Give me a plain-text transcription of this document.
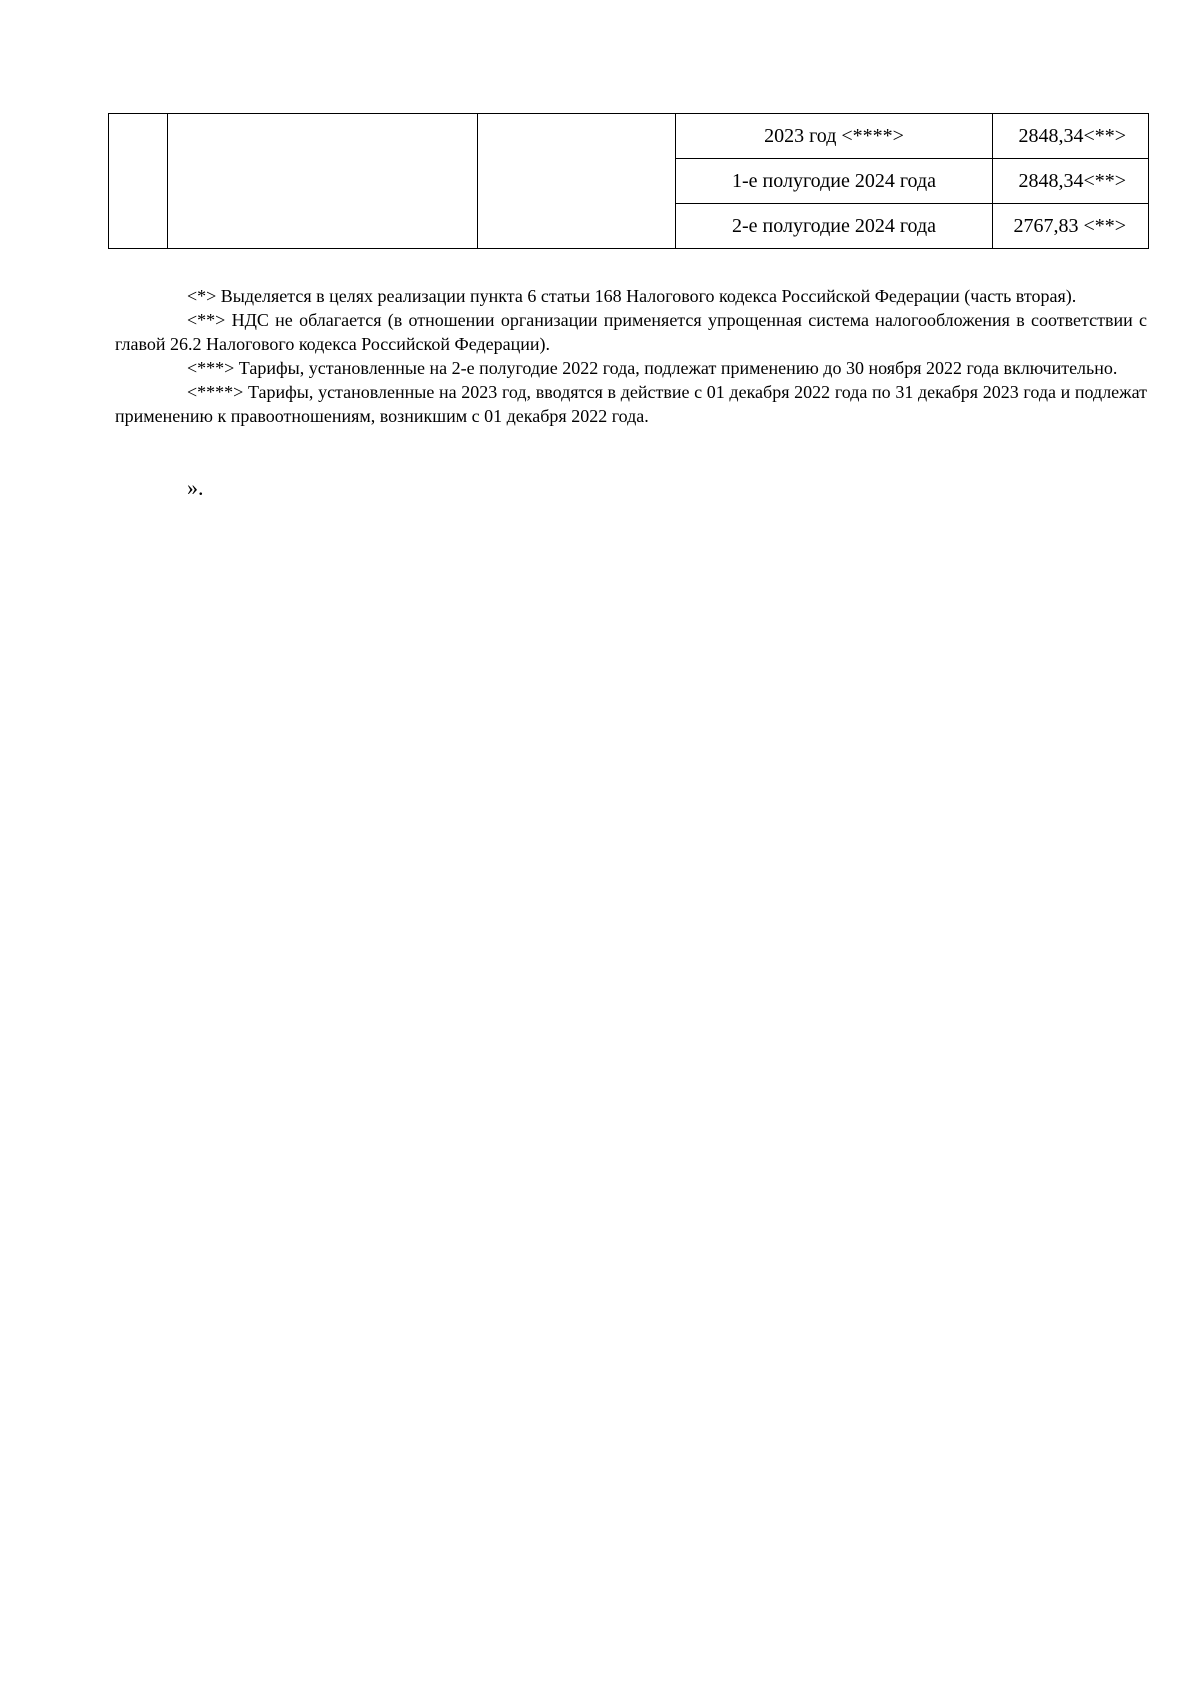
			2023 год <****>	2848,34<**>
			1-е полугодие 2024 года	2848,34<**>
			2-е полугодие 2024 года	2767,83 <**>

<*> Выделяется в целях реализации пункта 6 статьи 168 Налогового кодекса Российской Федерации (часть вторая).

<**> НДС не облагается (в отношении организации применяется упрощенная система налогообложения в соответствии с главой 26.2 Налогового кодекса Российской Федерации).

<***> Тарифы, установленные на 2-е полугодие 2022 года, подлежат применению до 30 ноября 2022 года включительно.

<****> Тарифы, установленные на 2023 год, вводятся в действие с 01 декабря 2022 года по 31 декабря 2023 года и подлежат применению к правоотношениям, возникшим с 01 декабря 2022 года.

».
